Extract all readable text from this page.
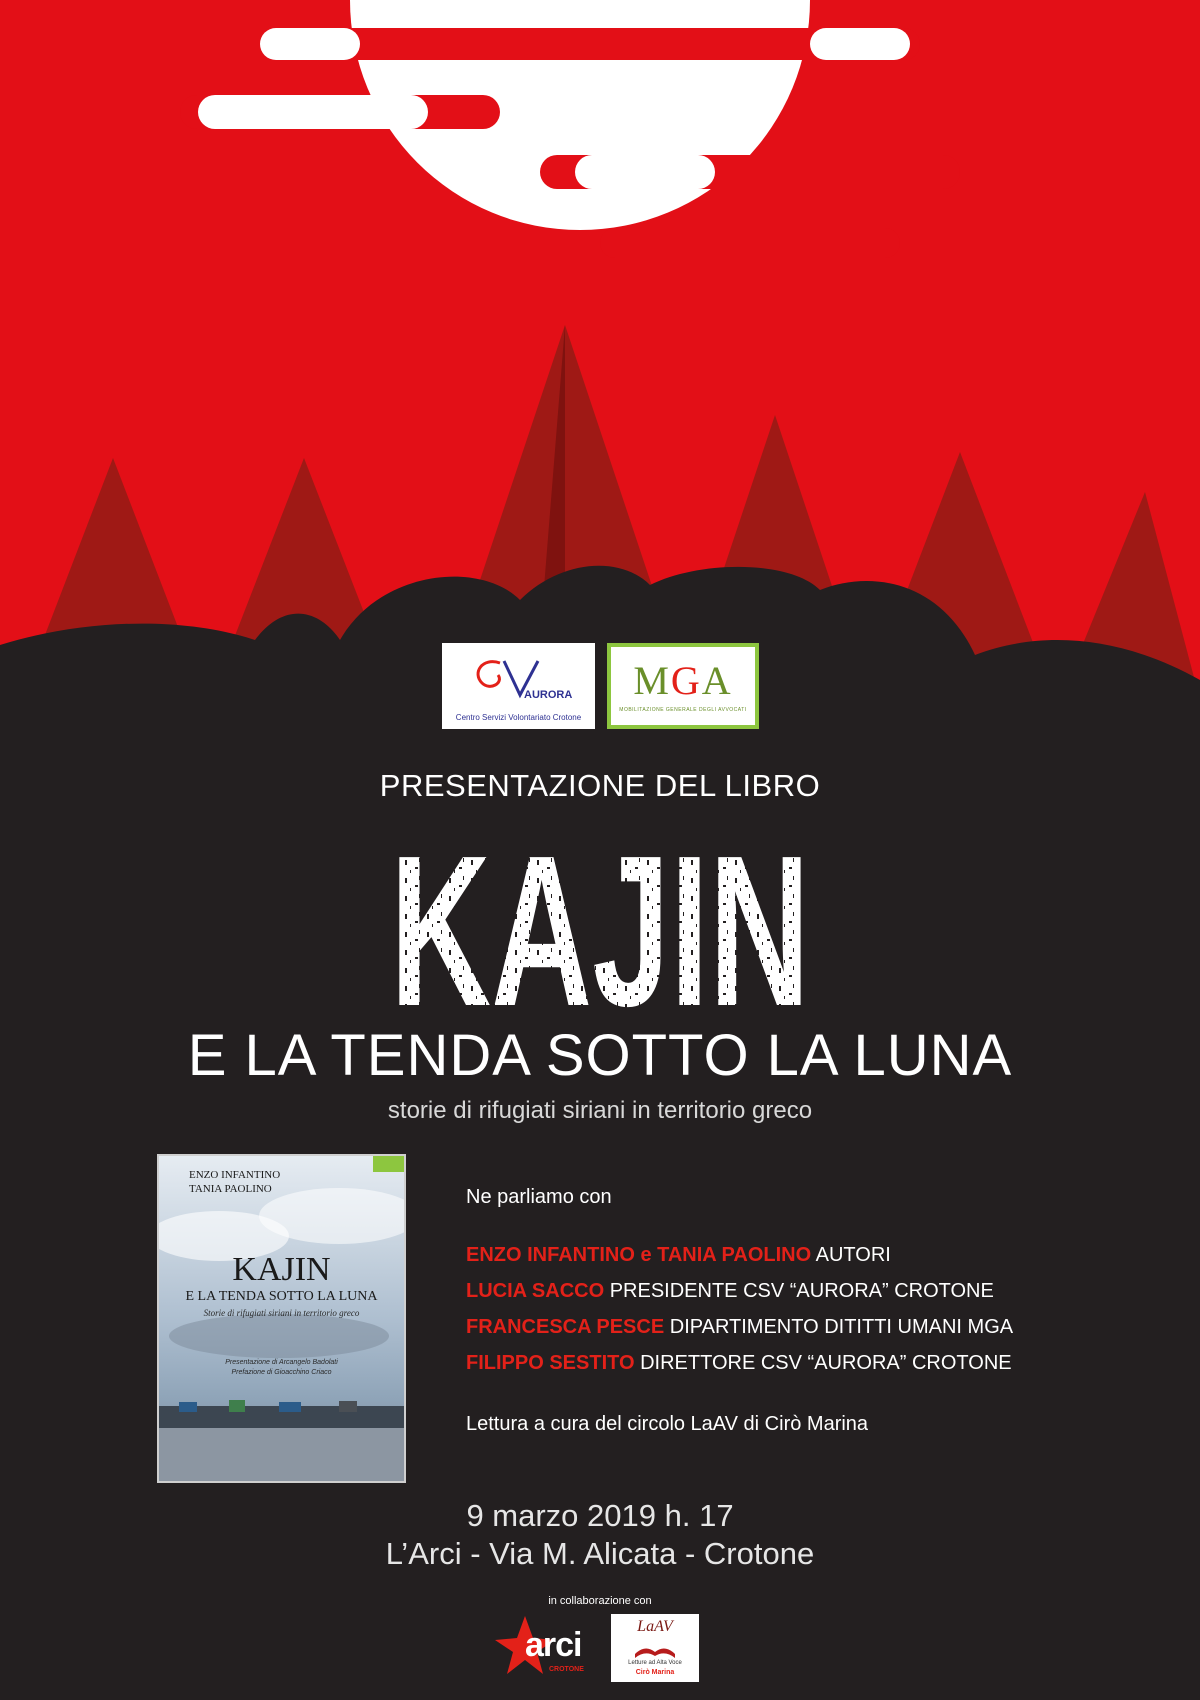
AURORA
Centro Servizi Volontariato Crotone
MGA
MOBILITAZIONE GENERALE DEGLI AVVOCATI
PRESENTAZIONE DEL LIBRO
KAJIN
E LA TENDA SOTTO LA LUNA
storie di rifugiati siriani in territorio greco
ENZO INFANTINO
TANIA PAOLINO
KAJIN
E LA TENDA SOTTO LA LUNA
Storie di rifugiati siriani in territorio greco
Presentazione di Arcangelo Badolati
Prefazione di Gioacchino Criaco
Ne parliamo con
ENZO INFANTINO e TANIA PAOLINO AUTORI
LUCIA SACCO PRESIDENTE CSV “AURORA” CROTONE
FRANCESCA PESCE DIPARTIMENTO DITITTI UMANI MGA
FILIPPO SESTITO DIRETTORE CSV “AURORA” CROTONE
Lettura a cura del circolo LaAV di Cirò Marina
9 marzo 2019 h. 17
L’Arci - Via M. Alicata - Crotone
in collaborazione con
arci
CROTONE
LaAV
Letture ad Alta Voce
Cirò Marina
